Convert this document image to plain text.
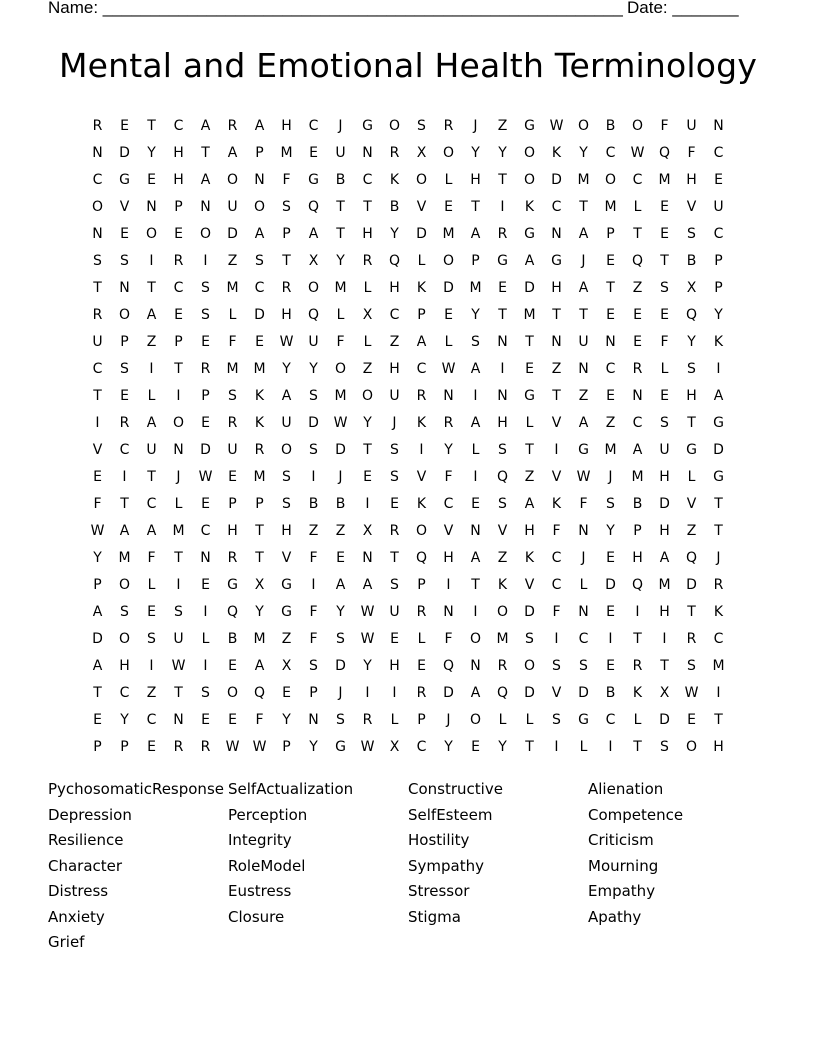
Name: _______________________________________________________ Date: _______
Mental and Emotional Health Terminology
R	E	T	C	A	R	A	H	C	J	G	O	S	R	J	Z	G	W	O	B	O	F	U	N
N	D	Y	H	T	A	P	M	E	U	N	R	X	O	Y	Y	O	K	Y	C	W	Q	F	C
C	G	E	H	A	O	N	F	G	B	C	K	O	L	H	T	O	D	M	O	C	M	H	E
O	V	N	P	N	U	O	S	Q	T	T	B	V	E	T	I	K	C	T	M	L	E	V	U
N	E	O	E	O	D	A	P	A	T	H	Y	D	M	A	R	G	N	A	P	T	E	S	C
S	S	I	R	I	Z	S	T	X	Y	R	Q	L	O	P	G	A	G	J	E	Q	T	B	P
T	N	T	C	S	M	C	R	O	M	L	H	K	D	M	E	D	H	A	T	Z	S	X	P
R	O	A	E	S	L	D	H	Q	L	X	C	P	E	Y	T	M	T	T	E	E	E	Q	Y
U	P	Z	P	E	F	E	W	U	F	L	Z	A	L	S	N	T	N	U	N	E	F	Y	K
C	S	I	T	R	M	M	Y	Y	O	Z	H	C	W	A	I	E	Z	N	C	R	L	S	I
T	E	L	I	P	S	K	A	S	M	O	U	R	N	I	N	G	T	Z	E	N	E	H	A
I	R	A	O	E	R	K	U	D	W	Y	J	K	R	A	H	L	V	A	Z	C	S	T	G
V	C	U	N	D	U	R	O	S	D	T	S	I	Y	L	S	T	I	G	M	A	U	G	D
E	I	T	J	W	E	M	S	I	J	E	S	V	F	I	Q	Z	V	W	J	M	H	L	G
F	T	C	L	E	P	P	S	B	B	I	E	K	C	E	S	A	K	F	S	B	D	V	T
W	A	A	M	C	H	T	H	Z	Z	X	R	O	V	N	V	H	F	N	Y	P	H	Z	T
Y	M	F	T	N	R	T	V	F	E	N	T	Q	H	A	Z	K	C	J	E	H	A	Q	J
P	O	L	I	E	G	X	G	I	A	A	S	P	I	T	K	V	C	L	D	Q	M	D	R
A	S	E	S	I	Q	Y	G	F	Y	W	U	R	N	I	O	D	F	N	E	I	H	T	K
D	O	S	U	L	B	M	Z	F	S	W	E	L	F	O	M	S	I	C	I	T	I	R	C
A	H	I	W	I	E	A	X	S	D	Y	H	E	Q	N	R	O	S	S	E	R	T	S	M
T	C	Z	T	S	O	Q	E	P	J	I	I	R	D	A	Q	D	V	D	B	K	X	W	I
E	Y	C	N	E	E	F	Y	N	S	R	L	P	J	O	L	L	S	G	C	L	D	E	T
P	P	E	R	R	W W	P	Y	G	W	X	C	Y	E	Y	T	I	L	I	T	S	O	H
PychosomaticResponse SelfActualization	Constructive	Alienation
Depression	Perception	SelfEsteem	Competence
Resilience	Integrity	Hostility	Criticism
Character	RoleModel	Sympathy	Mourning
Distress	Eustress	Stressor	Empathy
Anxiety	Closure	Stigma	Apathy
Grief
